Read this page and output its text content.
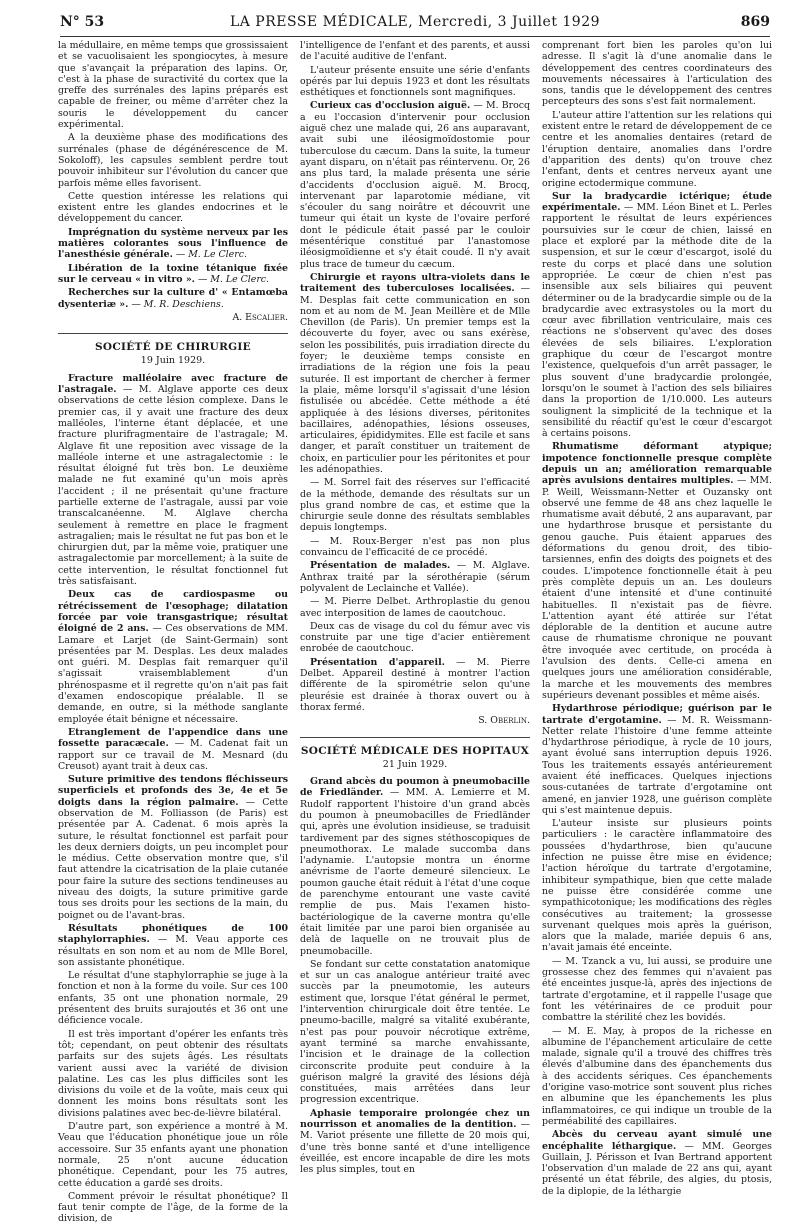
N° 53	LA PRESSE MÉDICALE, Mercredi, 3 Juillet 1929	869

la médullaire, en même temps que grossissaient et se vacuolisaient les spongiocytes, à mesure que s'avançait la préparation des lapins. Or, c'est à la phase de suractivité du cortex que la greffe des surrénales des lapins préparés est capable de freiner, ou même d'arrêter chez la souris le développement du cancer expérimental.

A la deuxième phase des modifications des surrénales (phase de dégénérescence de M. Sokoloff), les capsules semblent perdre tout pouvoir inhibiteur sur l'évolution du cancer que parfois même elles favorisent.

Cette question intéresse les relations qui existent entre les glandes endocrines et le développement du cancer.

Imprégnation du système nerveux par les matières colorantes sous l'influence de l'anesthésie générale. — M. Le Clerc.

Libération de la toxine tétanique fixée sur le cerveau « in vitro ». — M. Le Clerc.

Recherches sur la culture d' « Entamœba dysenteriæ ». — M. R. Deschiens.

A. Escalier.

SOCIÉTÉ DE CHIRURGIE
19 Juin 1929.

Fracture malléolaire avec fracture de l'astragale. — M. Alglave apporte ces deux observations de cette lésion complexe. Dans le premier cas, il y avait une fracture des deux malléoles, l'interne étant déplacée, et une fracture plurifragmentaire de l'astragale; M. Alglave fit une reposition avec vissage de la malléole interne et une astragalectomie : le résultat éloigné fut très bon. Le deuxième malade ne fut examiné qu'un mois après l'accident ; il ne présentait qu'une fracture partielle externe de l'astragale, aussi par voie transcalcanéenne. M. Alglave chercha seulement à remettre en place le fragment astragalien; mais le résultat ne fut pas bon et le chirurgien dut, par la même voie, pratiquer une astragalectomie par morcellement; à la suite de cette intervention, le résultat fonctionnel fut très satisfaisant.

Deux cas de cardiospasme ou rétrécissement de l'œsophage; dilatation forcée par voie transgastrique; résultat éloigné de 2 ans. — Ces observations de MM. Lamare et Larjet (de Saint-Germain) sont présentées par M. Desplas. Les deux malades ont guéri. M. Desplas fait remarquer qu'il s'agissait vraisemblablement d'un phrénospasme et il regrette qu'on n'ait pas fait d'examen endoscopique préalable. Il se demande, en outre, si la méthode sanglante employée était bénigne et nécessaire.

Etranglement de l'appendice dans une fossette paracæcale. — M. Cadenat fait un rapport sur ce travail de M. Mesnard (du Creusot) ayant trait à deux cas.

Suture primitive des tendons fléchisseurs superficiels et profonds des 3e, 4e et 5e doigts dans la région palmaire. — Cette observation de M. Folliasson (de Paris) est présentée par A. Cadenat. 6 mois après la suture, le résultat fonctionnel est parfait pour les deux derniers doigts, un peu incomplet pour le médius. Cette observation montre que, s'il faut attendre la cicatrisation de la plaie cutanée pour faire la suture des sections tendineuses au niveau des doigts, la suture primitive garde tous ses droits pour les sections de la main, du poignet ou de l'avant-bras.

Résultats phonétiques de 100 staphylorraphies. — M. Veau apporte ces résultats en son nom et au nom de Mlle Borel, son assistante phonétique.

Le résultat d'une staphylorraphie se juge à la fonction et non à la forme du voile. Sur ces 100 enfants, 35 ont une phonation normale, 29 présentent des bruits surajoutés et 36 ont une déficience vocale.

Il est très important d'opérer les enfants très tôt; cependant, on peut obtenir des résultats parfaits sur des sujets âgés. Les résultats varient aussi avec la variété de division palatine. Les cas les plus difficiles sont les divisions du voile et de la voûte, mais ceux qui donnent les moins bons résultats sont les divisions palatines avec bec-de-lièvre bilatéral.

D'autre part, son expérience a montré à M. Veau que l'éducation phonétique joue un rôle accessoire. Sur 35 enfants ayant une phonation normale, 25 n'ont aucune éducation phonétique. Cependant, pour les 75 autres, cette éducation a gardé ses droits.

Comment prévoir le résultat phonétique? Il faut tenir compte de l'âge, de la forme de la division, de

l'intelligence de l'enfant et des parents, et aussi de l'acuité auditive de l'enfant.

L'auteur présente ensuite une série d'enfants opérés par lui depuis 1923 et dont les résultats esthétiques et fonctionnels sont magnifiques.

Curieux cas d'occlusion aiguë. — M. Brocq a eu l'occasion d'intervenir pour occlusion aiguë chez une malade qui, 26 ans auparavant, avait subi une iléosigmoïdostomie pour tuberculose du cæcum. Dans la suite, la tumeur ayant disparu, on n'était pas réintervenu. Or, 26 ans plus tard, la malade présenta une série d'accidents d'occlusion aiguë. M. Brocq, intervenant par laparotomie médiane, vit s'écouler du sang noirâtre et découvrit une tumeur qui était un kyste de l'ovaire perforé dont le pédicule était passé par le couloir mésentérique constitué par l'anastomose iléosigmoïdienne et s'y était coudé. Il n'y avait plus trace de tumeur du cæcum.

Chirurgie et rayons ultra-violets dans le traitement des tuberculoses localisées. — M. Desplas fait cette communication en son nom et au nom de M. Jean Meillère et de Mlle Chevillon (de Paris). Un premier temps est la découverte du foyer, avec ou sans exérèse, selon les possibilités, puis irradiation directe du foyer; le deuxième temps consiste en irradiations de la région une fois la peau suturée. Il est important de chercher à fermer la plaie, même lorsqu'il s'agissait d'une lésion fistulisée ou abcédée. Cette méthode a été appliquée à des lésions diverses, péritonites bacillaires, adénopathies, lésions osseuses, articulaires, épididymites. Elle est facile et sans danger, et paraît constituer un traitement de choix, en particulier pour les péritonites et pour les adénopathies.

— M. Sorrel fait des réserves sur l'efficacité de la méthode, demande des résultats sur un plus grand nombre de cas, et estime que la chirurgie seule donne des résultats semblables depuis longtemps.

— M. Roux-Berger n'est pas non plus convaincu de l'efficacité de ce procédé.

Présentation de malades. — M. Alglave. Anthrax traité par la sérothérapie (sérum polyvalent de Leclainche et Vallée).

— M. Pierre Delbet. Arthroplastie du genou avec interposition de lames de caoutchouc.

Deux cas de visage du col du fémur avec vis construite par une tige d'acier entièrement enrobée de caoutchouc.

Présentation d'appareil. — M. Pierre Delbet. Appareil destiné à montrer l'action différente de la spirométrie selon qu'une pleurésie est drainée à thorax ouvert ou à thorax fermé.

S. Oberlin.

SOCIÉTÉ MÉDICALE DES HOPITAUX
21 Juin 1929.

Grand abcès du poumon à pneumobacille de Friedländer. — MM. A. Lemierre et M. Rudolf rapportent l'histoire d'un grand abcès du poumon à pneumobacilles de Friedländer qui, après une évolution insidieuse, se traduisit tardivement par des signes stéthoscopiques de pneumothorax. Le malade succomba dans l'adynamie. L'autopsie montra un énorme anévrisme de l'aorte demeuré silencieux. Le poumon gauche était réduit à l'état d'une coque de parenchyme entourant une vaste cavité remplie de pus. Mais l'examen histo-bactériologique de la caverne montra qu'elle était limitée par une paroi bien organisée au delà de laquelle on ne trouvait plus de pneumobacille.

Se fondant sur cette constatation anatomique et sur un cas analogue antérieur traité avec succès par la pneumotomie, les auteurs estiment que, lorsque l'état général le permet, l'intervention chirurgicale doit être tentée. Le pneumo-bacille, malgré sa vitalité exubérante, n'est pas pour pouvoir nécrotique extrême, ayant terminé sa marche envahissante, l'incision et le drainage de la collection circonscrite produite peut conduire à la guérison malgré la gravité des lésions déjà constituées, mais arrêtées dans leur progression excentrique.

Aphasie temporaire prolongée chez un nourrisson et anomalies de la dentition. — M. Variot présente une fillette de 20 mois qui, d'une très bonne santé et d'une intelligence éveillée, est encore incapable de dire les mots les plus simples, tout en

comprenant fort bien les paroles qu'on lui adresse. Il s'agit là d'une anomalie dans le développement des centres coordinateurs des mouvements nécessaires à l'articulation des sons, tandis que le développement des centres percepteurs des sons s'est fait normalement.

L'auteur attire l'attention sur les relations qui existent entre le retard de développement de ce centre et les anomalies dentaires (retard de l'éruption dentaire, anomalies dans l'ordre d'apparition des dents) qu'on trouve chez l'enfant, dents et centres nerveux ayant une origine ectodermique commune.

Sur la bradycardie ictérique; étude expérimentale. — MM. Léon Binet et L. Perles rapportent le résultat de leurs expériences poursuivies sur le cœur de chien, laissé en place et exploré par la méthode dite de la suspension, et sur le cœur d'escargot, isolé du reste du corps et placé dans une solution appropriée. Le cœur de chien n'est pas insensible aux sels biliaires qui peuvent déterminer ou de la bradycardie simple ou de la bradycardie avec extrasystoles ou la mort du cœur avec fibrillation ventriculaire, mais ces réactions ne s'observent qu'avec des doses élevées de sels biliaires. L'exploration graphique du cœur de l'escargot montre l'existence, quelquefois d'un arrêt passager, le plus souvent d'une bradycardie prolongée, lorsqu'on le soumet à l'action des sels biliaires dans la proportion de 1/10.000. Les auteurs soulignent la simplicité de la technique et la sensibilité du réactif qu'est le cœur d'escargot à certains poisons.

Rhumatisme déformant atypique; impotence fonctionnelle presque complète depuis un an; amélioration remarquable après avulsions dentaires multiples. — MM. P. Weill, Weissmann-Netter et Ouzansky ont observé une femme de 48 ans chez laquelle le rhumatisme avait débuté, 2 ans auparavant, par une hydarthrose brusque et persistante du genou gauche. Puis étaient apparues des déformations du genou droit, des tibio-tarsiennes, enfin des doigts des poignets et des coudes. L'impotence fonctionnelle était à peu près complète depuis un an. Les douleurs étaient d'une intensité et d'une continuité habituelles. Il n'existait pas de fièvre. L'attention ayant été attirée sur l'état déplorable de la dentition et aucune autre cause de rhumatisme chronique ne pouvant être invoquée avec certitude, on procéda à l'avulsion des dents. Celle-ci amena en quelques jours une amélioration considérable, la marche et les mouvements des membres supérieurs devenant possibles et même aisés.

Hydarthrose périodique; guérison par le tartrate d'ergotamine. — M. R. Weissmann-Netter relate l'histoire d'une femme atteinte d'hydarthrose périodique, à rycle de 10 jours, ayant évolué sans interruption depuis 1926. Tous les traitements essayés antérieurement avaient été inefficaces. Quelques injections sous-cutanées de tartrate d'ergotamine ont amené, en janvier 1928, une guérison complète qui s'est maintenue depuis.

L'auteur insiste sur plusieurs points particuliers : le caractère inflammatoire des poussées d'hydarthrose, bien qu'aucune infection ne puisse être mise en évidence; l'action héroïque du tartrate d'ergotamine, inhibiteur sympathique, bien que cette malade ne puisse être considérée comme une sympathicotonique; les modifications des règles consécutives au traitement; la grossesse survenant quelques mois après la guérison, alors que la malade, mariée depuis 6 ans, n'avait jamais été enceinte.

— M. Tzanck a vu, lui aussi, se produire une grossesse chez des femmes qui n'avaient pas été enceintes jusque-là, après des injections de tartrate d'ergotamine, et il rappelle l'usage que font les vétérinaires de ce produit pour combattre la stérilité chez les bovidés.

— M. E. May, à propos de la richesse en albumine de l'épanchement articulaire de cette malade, signale qu'il a trouvé des chiffres très élevés d'albumine dans des épanchements dus à des accidents sériques. Ces épanchements d'origine vaso-motrice sont souvent plus riches en albumine que les épanchements les plus inflammatoires, ce qui indique un trouble de la perméabilité des capillaires.

Abcès du cerveau ayant simulé une encéphalite léthargique. — MM. Georges Guillain, J. Périsson et Ivan Bertrand apportent l'observation d'un malade de 22 ans qui, ayant présenté un état fébrile, des algies, du ptosis, de la diplopie, de la léthargie
